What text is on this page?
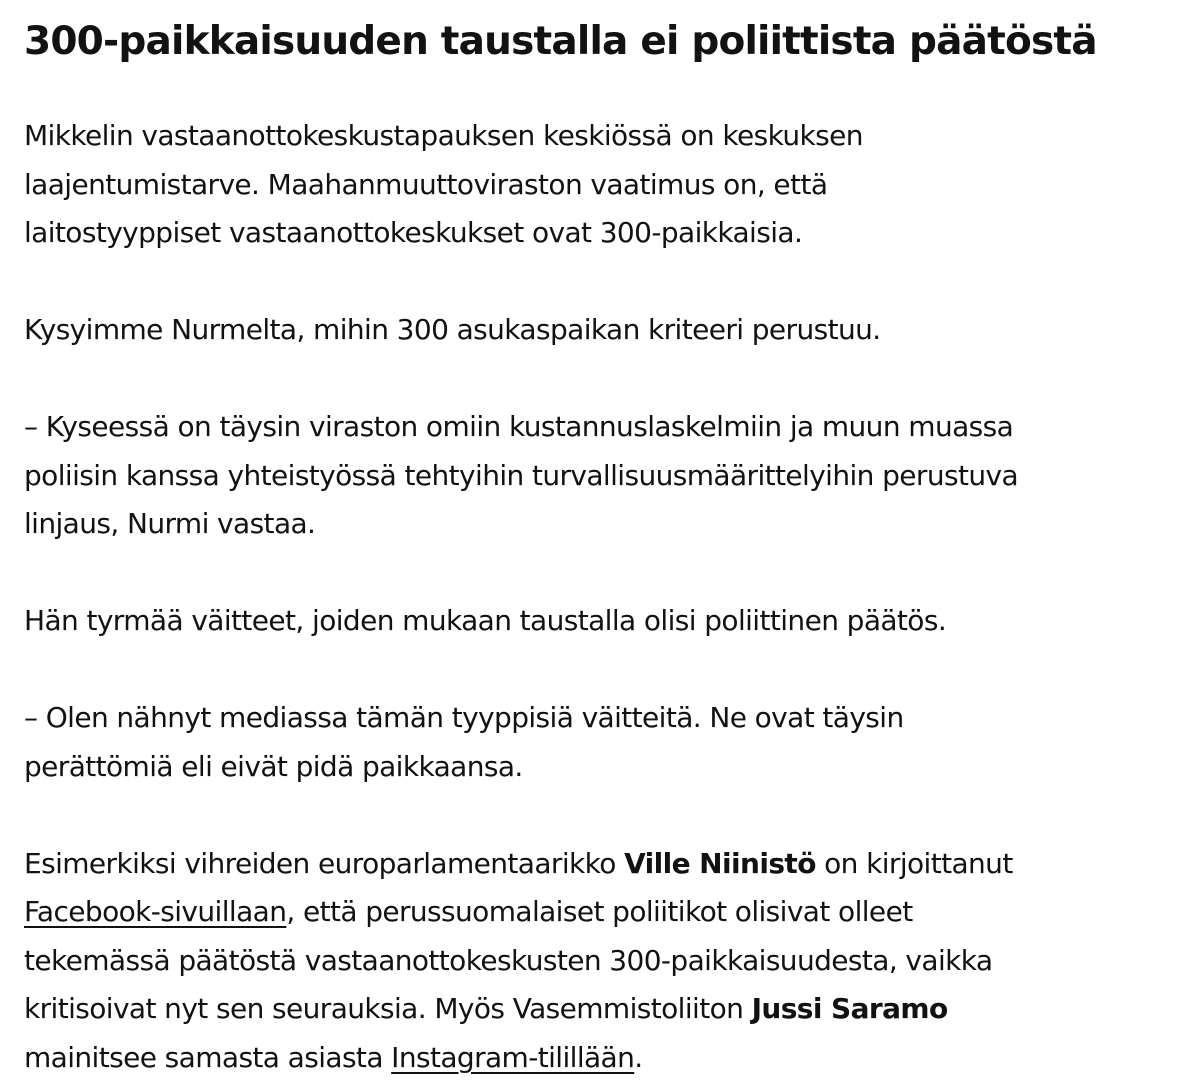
300-paikkaisuuden taustalla ei poliittista päätöstä

Mikkelin vastaanottokeskustapauksen keskiössä on keskuksen
laajentumistarve. Maahanmuuttoviraston vaatimus on, että
laitostyyppiset vastaanottokeskukset ovat 300-paikkaisia.

Kysyimme Nurmelta, mihin 300 asukaspaikan kriteeri perustuu.

– Kyseessä on täysin viraston omiin kustannuslaskelmiin ja muun muassa
poliisin kanssa yhteistyössä tehtyihin turvallisuusmäärittelyihin perustuva
linjaus, Nurmi vastaa.

Hän tyrmää väitteet, joiden mukaan taustalla olisi poliittinen päätös.

– Olen nähnyt mediassa tämän tyyppisiä väitteitä. Ne ovat täysin
perättömiä eli eivät pidä paikkaansa.

Esimerkiksi vihreiden europarlamentaarikko Ville Niinistö on kirjoittanut
Facebook-sivuillaan, että perussuomalaiset poliitikot olisivat olleet
tekemässä päätöstä vastaanottokeskusten 300-paikkaisuudesta, vaikka
kritisoivat nyt sen seurauksia. Myös Vasemmistoliiton Jussi Saramo
mainitsee samasta asiasta Instagram-tilillään.
